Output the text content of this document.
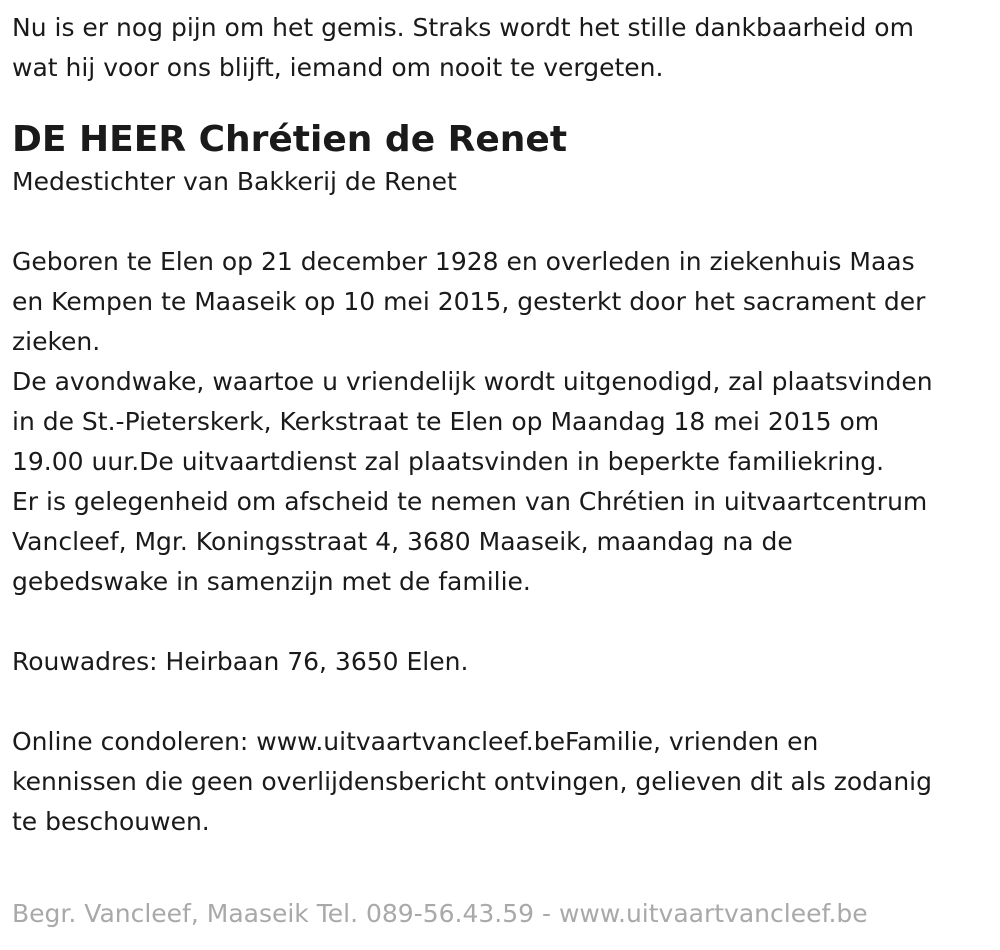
Nu is er nog pijn om het gemis. Straks wordt het stille dankbaarheid om

wat hij voor ons blijft, iemand om nooit te vergeten.

DE HEER Chrétien de Renet

Medestichter van Bakkerij de Renet

Geboren te Elen op 21 december 1928 en overleden in ziekenhuis Maas

en Kempen te Maaseik op 10 mei 2015, gesterkt door het sacrament der

zieken.

De avondwake, waartoe u vriendelijk wordt uitgenodigd, zal plaatsvinden

in de St.-Pieterskerk, Kerkstraat te Elen op Maandag 18 mei 2015 om

19.00 uur.De uitvaartdienst zal plaatsvinden in beperkte familiekring.

Er is gelegenheid om afscheid te nemen van Chrétien in uitvaartcentrum

Vancleef, Mgr. Koningsstraat 4, 3680 Maaseik, maandag na de

gebedswake in samenzijn met de familie.

Rouwadres: Heirbaan 76, 3650 Elen.

Online condoleren: www.uitvaartvancleef.beFamilie, vrienden en

kennissen die geen overlijdensbericht ontvingen, gelieven dit als zodanig

te beschouwen.

Begr. Vancleef, Maaseik Tel. 089-56.43.59 - www.uitvaartvancleef.be
